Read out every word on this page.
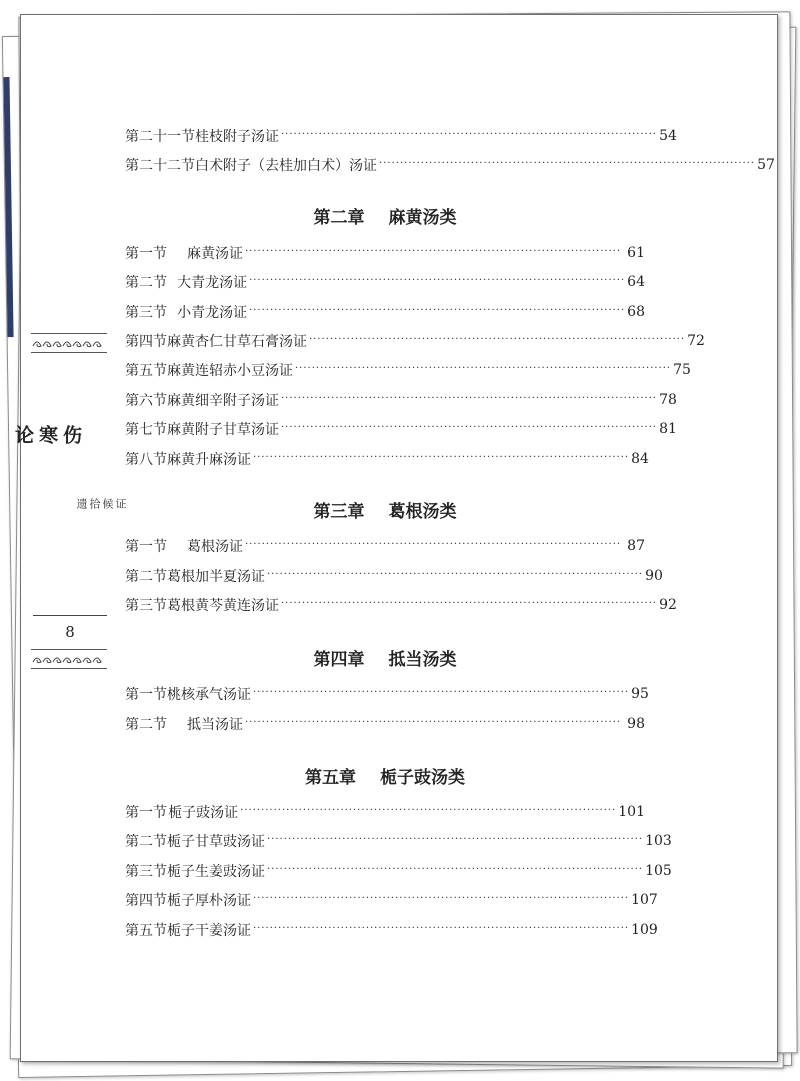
伤寒论
证候拾遗
8
第二十一节 桂枝附子汤证 ·························································································· 54
第二十二节 白术附子（去桂加白术）汤证 ·························································································· 57
第二章 麻黄汤类
第一节	麻黄汤证 ·························································································· 61
第二节 大青龙汤证 ·························································································· 64
第三节 小青龙汤证 ·························································································· 68
第四节 麻黄杏仁甘草石膏汤证 ·························································································· 72
第五节 麻黄连轺赤小豆汤证 ·························································································· 75
第六节 麻黄细辛附子汤证 ·························································································· 78
第七节 麻黄附子甘草汤证 ·························································································· 81
第八节 麻黄升麻汤证 ·························································································· 84
第三章 葛根汤类
第一节	葛根汤证 ·························································································· 87
第二节 葛根加半夏汤证 ·························································································· 90
第三节 葛根黄芩黄连汤证 ·························································································· 92
第四章 抵当汤类
第一节 桃核承气汤证 ·························································································· 95
第二节	抵当汤证 ·························································································· 98
第五章 栀子豉汤类
第一节 栀子豉汤证 ·························································································· 101
第二节 栀子甘草豉汤证 ·························································································· 103
第三节 栀子生姜豉汤证 ·························································································· 105
第四节 栀子厚朴汤证 ·························································································· 107
第五节 栀子干姜汤证 ·························································································· 109
